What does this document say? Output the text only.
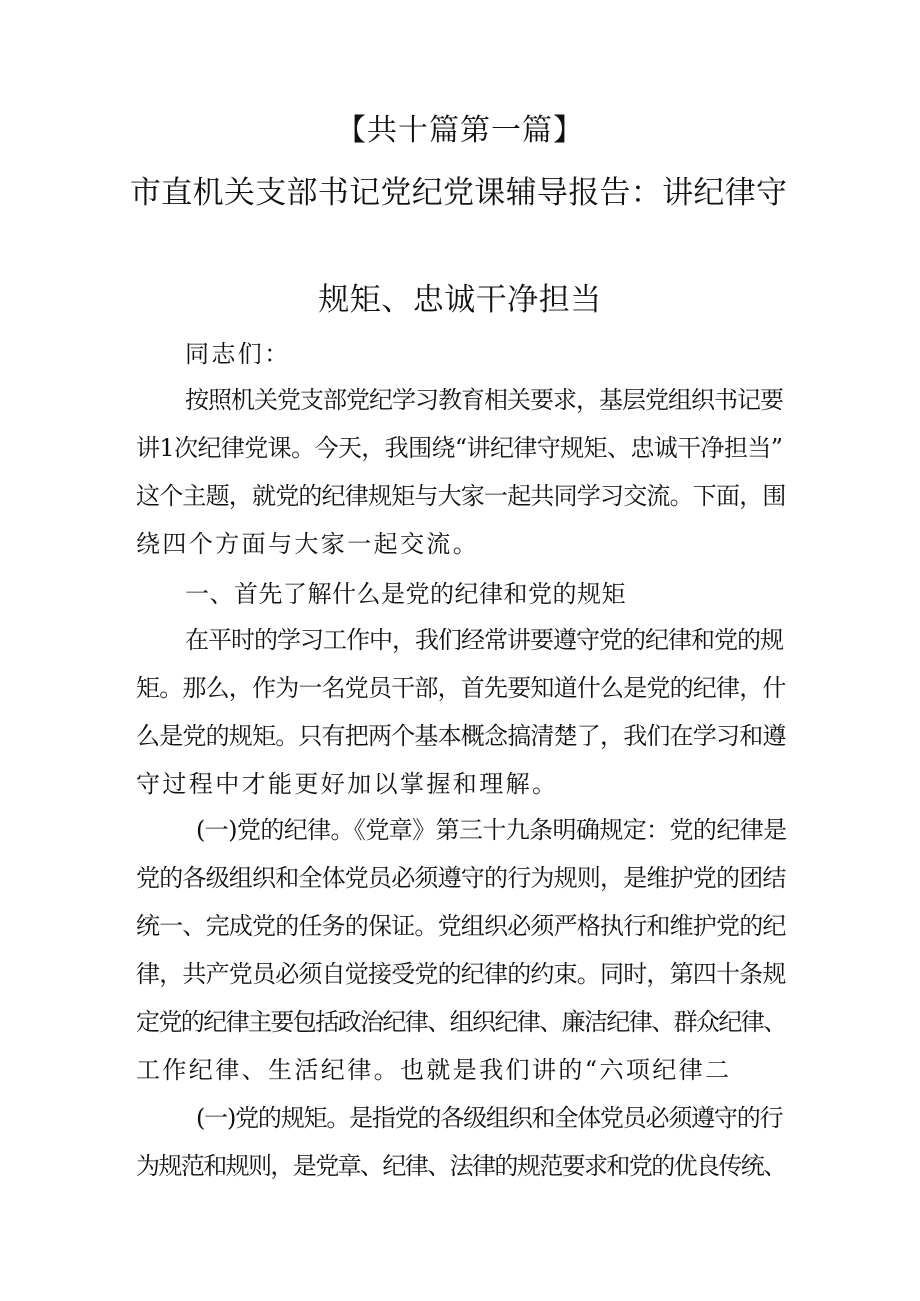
【共十篇第一篇】
市直机关支部书记党纪党课辅导报告：讲纪律守
规矩、忠诚干净担当
同志们：
按照机关党支部党纪学习教育相关要求，基层党组织书记要
讲1次纪律党课。今天，我围绕“讲纪律守规矩、忠诚干净担当”
这个主题，就党的纪律规矩与大家一起共同学习交流。下面，围
绕四个方面与大家一起交流。
一、首先了解什么是党的纪律和党的规矩
在平时的学习工作中，我们经常讲要遵守党的纪律和党的规
矩。那么，作为一名党员干部，首先要知道什么是党的纪律，什
么是党的规矩。只有把两个基本概念搞清楚了，我们在学习和遵
守过程中才能更好加以掌握和理解。
(一)党的纪律。《党章》第三十九条明确规定：党的纪律是
党的各级组织和全体党员必须遵守的行为规则，是维护党的团结
统一、完成党的任务的保证。党组织必须严格执行和维护党的纪
律，共产党员必须自觉接受党的纪律的约束。同时，第四十条规
定党的纪律主要包括政治纪律、组织纪律、廉洁纪律、群众纪律、
工作纪律、生活纪律。也就是我们讲的“六项纪律二
(一)党的规矩。是指党的各级组织和全体党员必须遵守的行
为规范和规则，是党章、纪律、法律的规范要求和党的优良传统、
